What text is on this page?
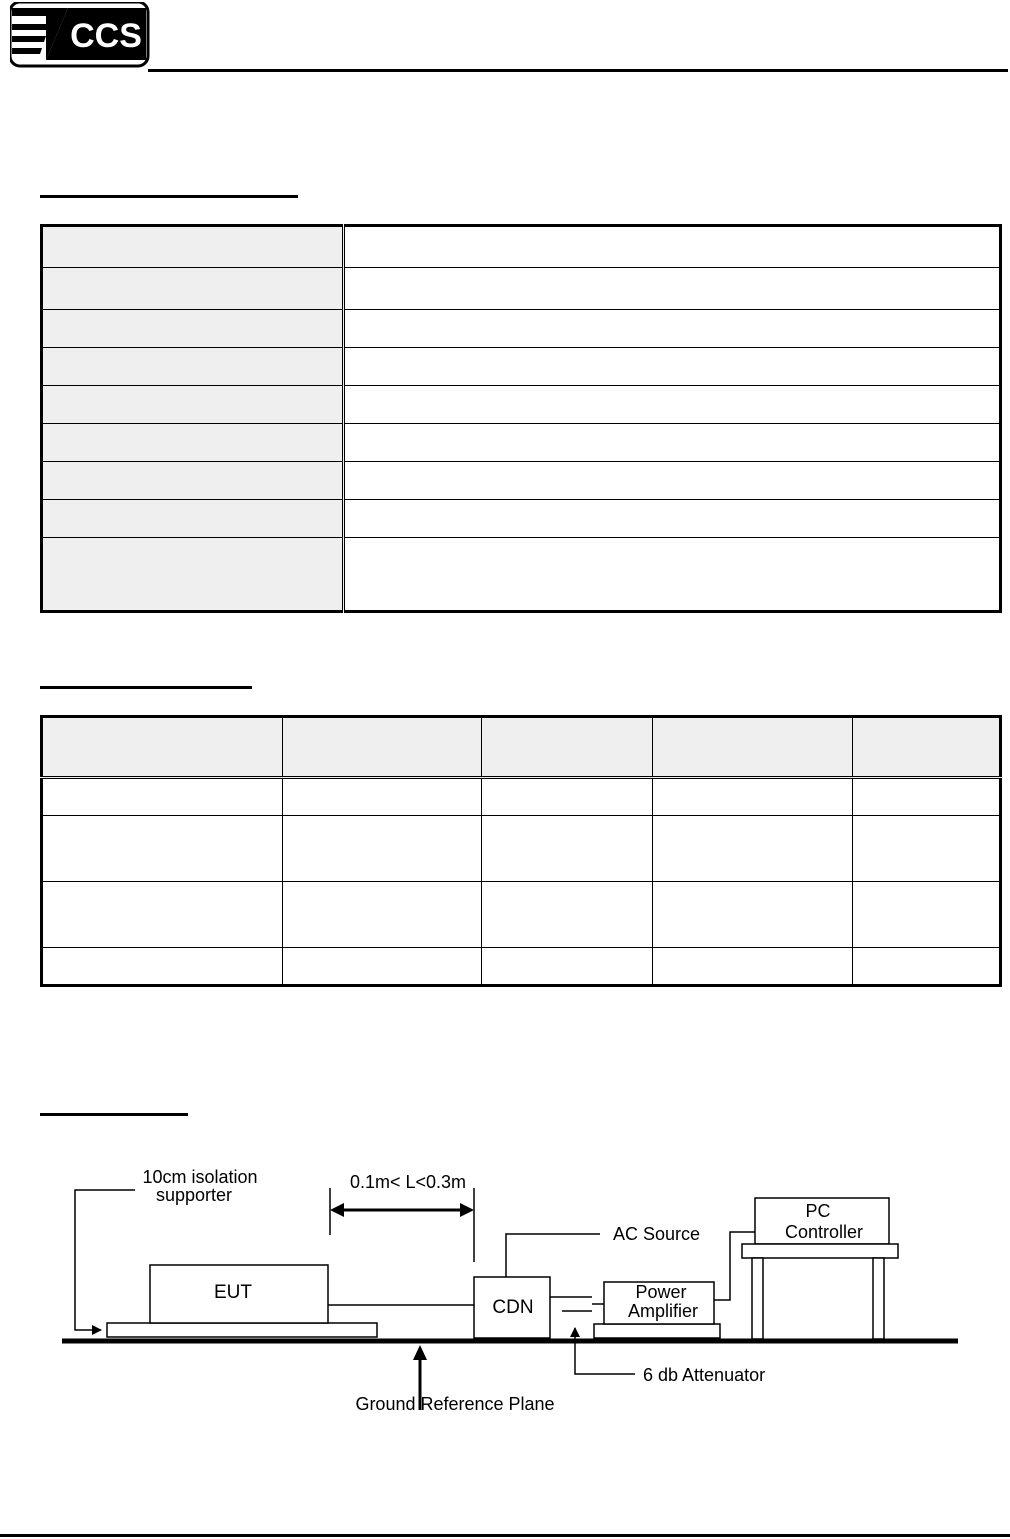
CCS

10cm isolation
supporter
0.1m< L<0.3m
EUT
CDN
AC Source
6 db Attenuator
Power
Amplifier
PC
Controller
Ground Reference Plane
